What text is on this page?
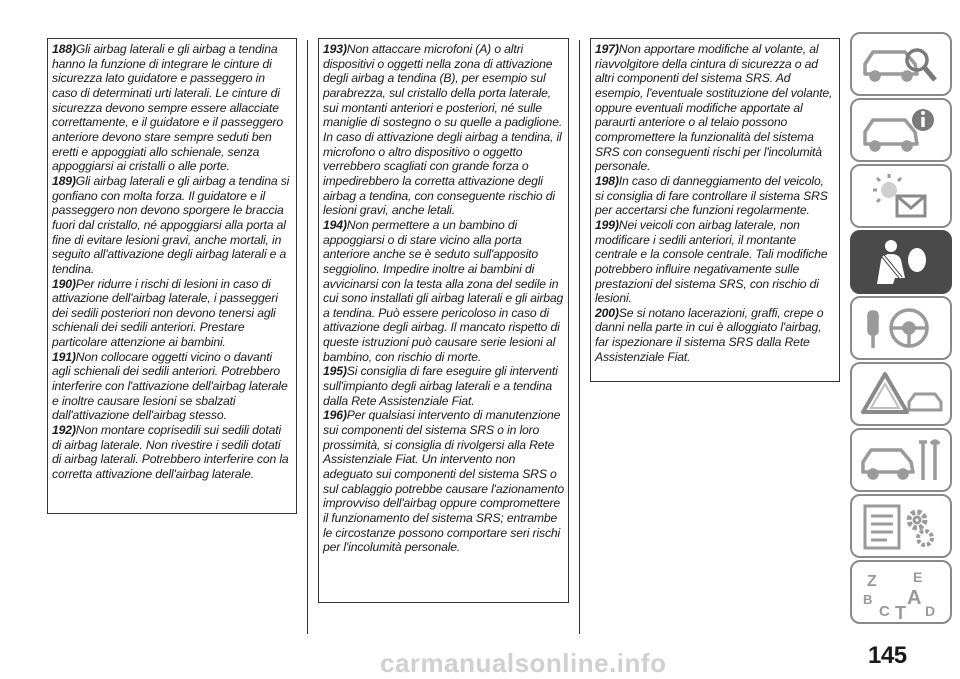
188)Gli airbag laterali e gli airbag a tendina hanno la funzione di integrare le cinture di sicurezza lato guidatore e passeggero in caso di determinati urti laterali. Le cinture di sicurezza devono sempre essere allacciate correttamente, e il guidatore e il passeggero anteriore devono stare sempre seduti ben eretti e appoggiati allo schienale, senza appoggiarsi ai cristalli o alle porte.

189)Gli airbag laterali e gli airbag a tendina si gonfiano con molta forza. Il guidatore e il passeggero non devono sporgere le braccia fuori dal cristallo, né appoggiarsi alla porta al fine di evitare lesioni gravi, anche mortali, in seguito all'attivazione degli airbag laterali e a tendina.

190)Per ridurre i rischi di lesioni in caso di attivazione dell'airbag laterale, i passeggeri dei sedili posteriori non devono tenersi agli schienali dei sedili anteriori. Prestare particolare attenzione ai bambini.

191)Non collocare oggetti vicino o davanti agli schienali dei sedili anteriori. Potrebbero interferire con l'attivazione dell'airbag laterale e inoltre causare lesioni se sbalzati dall'attivazione dell'airbag stesso.

192)Non montare coprisedili sui sedili dotati di airbag laterale. Non rivestire i sedili dotati di airbag laterali. Potrebbero interferire con la corretta attivazione dell'airbag laterale.

193)Non attaccare microfoni (A) o altri dispositivi o oggetti nella zona di attivazione degli airbag a tendina (B), per esempio sul parabrezza, sul cristallo della porta laterale, sui montanti anteriori e posteriori, né sulle maniglie di sostegno o su quelle a padiglione. In caso di attivazione degli airbag a tendina, il microfono o altro dispositivo o oggetto verrebbero scagliati con grande forza o impedirebbero la corretta attivazione degli airbag a tendina, con conseguente rischio di lesioni gravi, anche letali.

194)Non permettere a un bambino di appoggiarsi o di stare vicino alla porta anteriore anche se è seduto sull'apposito seggiolino. Impedire inoltre ai bambini di avvicinarsi con la testa alla zona del sedile in cui sono installati gli airbag laterali e gli airbag a tendina. Può essere pericoloso in caso di attivazione degli airbag. Il mancato rispetto di queste istruzioni può causare serie lesioni al bambino, con rischio di morte.

195)Si consiglia di fare eseguire gli interventi sull'impianto degli airbag laterali e a tendina dalla Rete Assistenziale Fiat.

196)Per qualsiasi intervento di manutenzione sui componenti del sistema SRS o in loro prossimità, si consiglia di rivolgersi alla Rete Assistenziale Fiat. Un intervento non adeguato sui componenti del sistema SRS o sul cablaggio potrebbe causare l'azionamento improvviso dell'airbag oppure compromettere il funzionamento del sistema SRS; entrambe le circostanze possono comportare seri rischi per l'incolumità personale.

197)Non apportare modifiche al volante, al riavvolgitore della cintura di sicurezza o ad altri componenti del sistema SRS. Ad esempio, l'eventuale sostituzione del volante, oppure eventuali modifiche apportate al paraurti anteriore o al telaio possono compromettere la funzionalità del sistema SRS con conseguenti rischi per l'incolumità personale.

198)In caso di danneggiamento del veicolo, si consiglia di fare controllare il sistema SRS per accertarsi che funzioni regolarmente.

199)Nei veicoli con airbag laterale, non modificare i sedili anteriori, il montante centrale e la console centrale. Tali modifiche potrebbero influire negativamente sulle prestazioni del sistema SRS, con rischio di lesioni.

200)Se si notano lacerazioni, graffi, crepe o danni nella parte in cui è alloggiato l'airbag, far ispezionare il sistema SRS dalla Rete Assistenziale Fiat.

Z	E
B A
C T D
carmanualsonline.info	145
